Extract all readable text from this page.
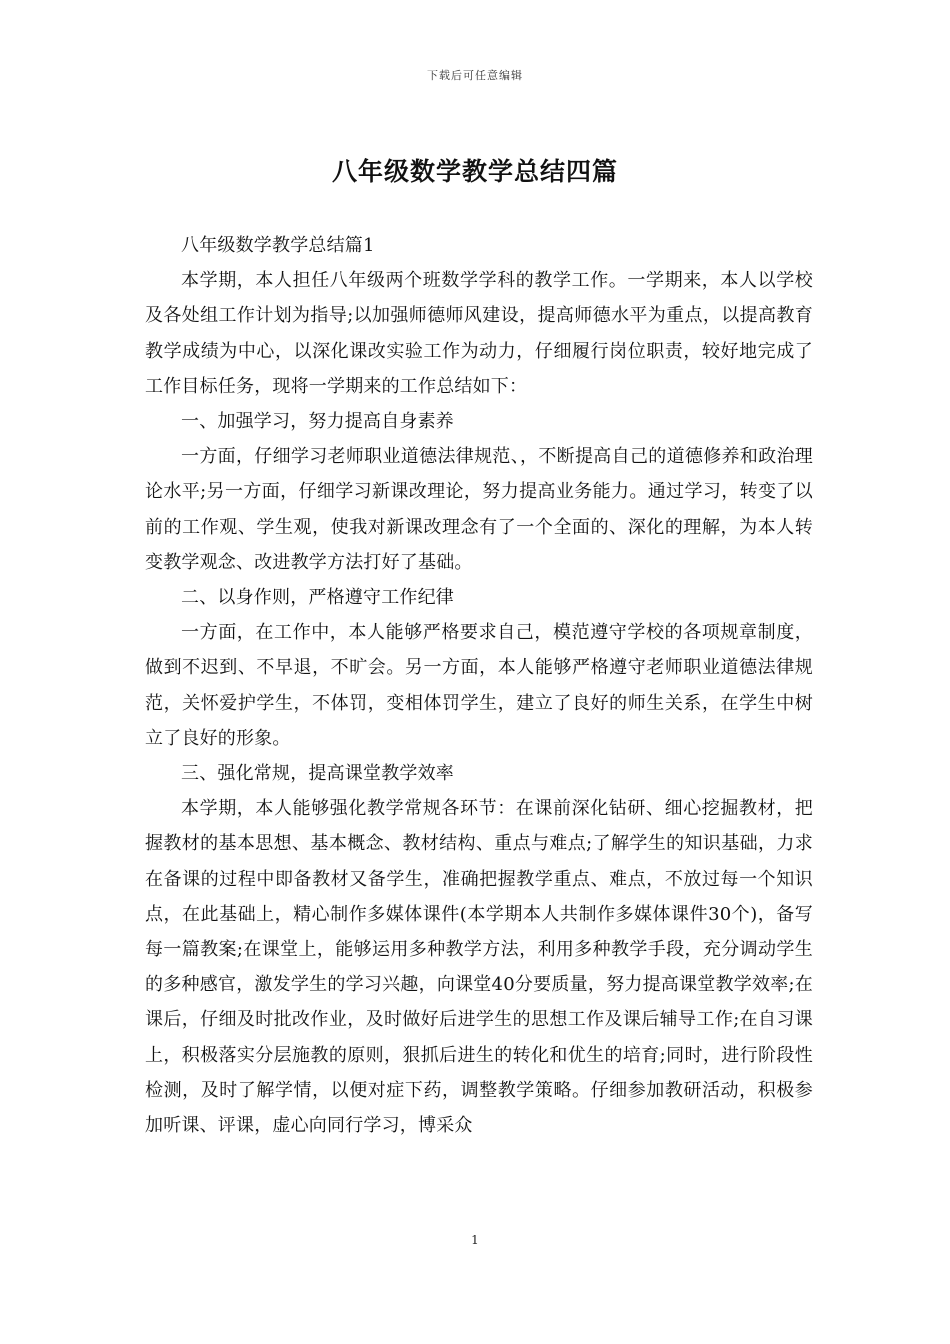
下载后可任意编辑
八年级数学教学总结四篇

八年级数学教学总结篇1

本学期，本人担任八年级两个班数学学科的教学工作。一学期来，本人以学校及各处组工作计划为指导;以加强师德师风建设，提高师德水平为重点，以提高教育教学成绩为中心，以深化课改实验工作为动力，仔细履行岗位职责，较好地完成了工作目标任务，现将一学期来的工作总结如下：

一、加强学习，努力提高自身素养

一方面，仔细学习老师职业道德法律规范、，不断提高自己的道德修养和政治理论水平;另一方面，仔细学习新课改理论，努力提高业务能力。通过学习，转变了以前的工作观、学生观，使我对新课改理念有了一个全面的、深化的理解，为本人转变教学观念、改进教学方法打好了基础。

二、以身作则，严格遵守工作纪律

一方面，在工作中，本人能够严格要求自己，模范遵守学校的各项规章制度，做到不迟到、不早退，不旷会。另一方面，本人能够严格遵守老师职业道德法律规范，关怀爱护学生，不体罚，变相体罚学生，建立了良好的师生关系，在学生中树立了良好的形象。

三、强化常规，提高课堂教学效率

本学期，本人能够强化教学常规各环节：在课前深化钻研、细心挖掘教材，把握教材的基本思想、基本概念、教材结构、重点与难点;了解学生的知识基础，力求在备课的过程中即备教材又备学生，准确把握教学重点、难点，不放过每一个知识点，在此基础上，精心制作多媒体课件(本学期本人共制作多媒体课件30个)，备写每一篇教案;在课堂上，能够运用多种教学方法，利用多种教学手段，充分调动学生的多种感官，激发学生的学习兴趣，向课堂40分要质量，努力提高课堂教学效率;在课后，仔细及时批改作业，及时做好后进学生的思想工作及课后辅导工作;在自习课上，积极落实分层施教的原则，狠抓后进生的转化和优生的培育;同时，进行阶段性检测，及时了解学情，以便对症下药，调整教学策略。仔细参加教研活动，积极参加听课、评课，虚心向同行学习，博采众

1
